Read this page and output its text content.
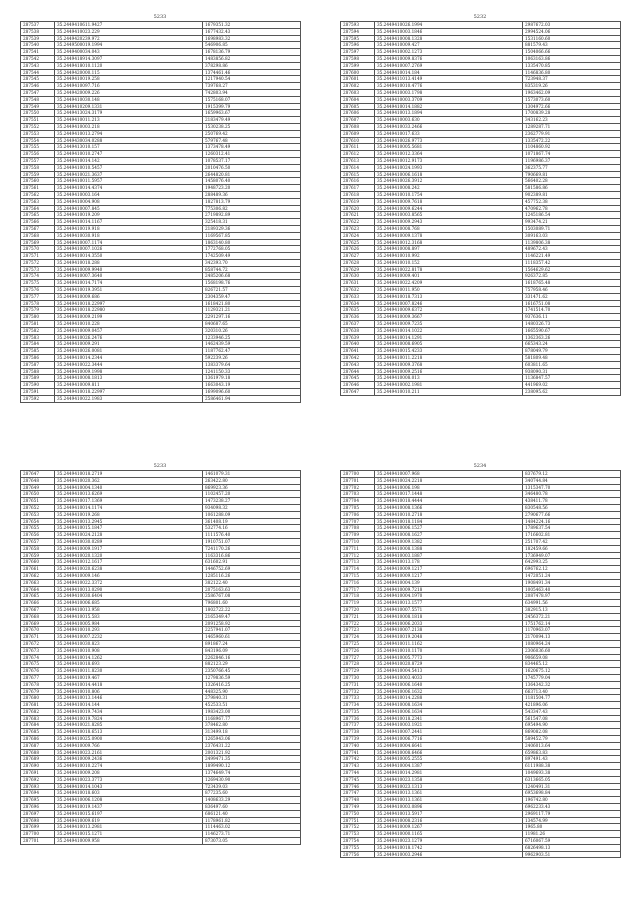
5233
287537	35.2449410611.9427	1679351.32
287538	35.2449410023.229	1677432.43
287539	35.2449420239.972	1698983.32
287540	35.2449500019.1994	546906.85
287541	35.2449400034.043	1678136.79
287542	35.2449418914.3097	1483856.82
287543	35.2449418010.1120	378298.86
287544	35.2449420000.115	1374461.46
287545	35.2449410019.258	1217940.54
287546	35.2449410097.716	739768.27
287547	35.2449420009.226	742803.94
287548	35.2449410030.148	1575168.07
287549	35.2449410209.1331	1915399.79
287550	35.2449413024.3179	1659963.67
287551	35.2449410011.213	2183479.49
287552	35.2449410003.218	1530238.25
287553	35.2449410013.2794	250769.42
287554	35.2449430034.0288	579767.48
287555	35.2449413010.157	1373478.49
287556	35.2449410010.2747	1260312.41
287557	35.2449410014.142	1078537.17
287558	35.2449410010.5457	2010476.50
287559	35.2449410021.3637	2644820.81
287560	35.2449410011.5957	1458076.40
287561	35.2449410014.4374	1948723.20
287562	35.2449410003.164	288489.36
287563	35.2449410004.908	1827813.79
287564	35.2449410007.845	775306.82
287565	35.2449410019.209	2719892.89
287566	35.2449410014.1167	325418.31
287567	35.2449410019.918	2189329.36
287568	35.2449410030.918	1169567.85
287569	35.2449410007.1174	1863140.80
287570	35.2449410007.1026	1772768.05
287571	35.2449410014.3550	1742509.49
287572	35.2449410018.288	342393.70
287573	35.2449410009.9940	858744.72
287574	35.2449410007.3640	2485206.68
287575	35.2449410014.7174	1568198.76
287576	35.2449410019.3951	826721.57
287577	35.2449410009.686	2304359.47
287578	35.2449410018.22997	1618421.80
287579	35.2449410018.22980	1129321.21
287580	35.2449410009.2199	2291297.16
287581	35.2449410010.228	840687.65
287582	35.2449410009.0457	320310.26
287583	35.2449410026.2476	1233946.25
287584	35.2449410009.291	1462439.59
287585	35.2449410026.0081	1187762.47
287586	35.2449410014.2344	592239.26
287587	35.2449410022.3444	1383379.64
287588	35.2449410009.1998	1241150.33
287589	35.2449410008.1813	1361979.18
287590	35.2449410009.811	1663043.19
287591	35.2449410018.22997	1699096.60
287592	35.2449410022.1983	2586461.94
5232
287593	35.2449410026.1994	2987672.03
287594	35.2449410003.1846	2994524.06
287595	35.2449410008.1328	1531160.60
287596	35.2449410009.427	881579.43
287597	35.2449410002.1273	1504066.66
287598	35.2449410009.8376	1063163.86
287599	35.2449410007.2769	1335470.85
287600	35.2449410014.184	1146836.80
287601	35.2449411013.4149	723948.37
287602	35.2449410010.4776	835319.26
287603	35.2449410003.1798	1963462.09
287604	35.2449410003.3709	1573073.60
287605	35.2449410014.1882	1304972.66
287606	35.2449410013.1894	1700839.28
287607	35.2449410003.630	343162.23
287608	35.2449410033.2466	1289287.71
287609	35.2449410017.633	2362779.91
287610	35.2449410026.9773	1335472.22
287611	35.2449410005.5681	1104860.92
287612	35.2449410012.3364	1071867.74
287613	35.2449410012.9173	1196986.37
287614	35.2449410024.1993	362375.77
287615	35.2449410006.1618	790669.81
287616	35.2449410026.3912	566402.28
287617	35.2449410008.242	581586.86
287618	35.2449410010.1754	902389.81
287619	35.2449410009.7618	457752.38
287620	35.2449410009.6244	470962.78
287621	35.2449410003.8565	1245186.54
287622	35.2449410009.2943	993474.21
287623	35.2449410008.768	1503089.71
287624	35.2449410009.1378	309163.03
287625	35.2449410012.3168	1139806.38
287626	35.2449410008.897	489672.43
287627	35.2449410010.992	1146221.49
287628	35.2449410010.152	1118357.42
287629	35.2449410022.8178	1564629.62
287630	35.2449410009.401	926372.85
287631	35.2449410022.4209	1618765.48
287632	35.2449410011.950	757958.46
287633	35.2449410018.7313	331471.62
287634	35.2449410007.8246	1616751.08
287635	35.2449410009.6372	1741514.70
287636	35.2449410009.3667	937636.11
287637	35.2449410009.7235	1480326.73
287638	35.2449410014.1022	1665590.67
287639	35.2449410014.1291	1362363.26
287640	35.2449410008.6905	665343.24
287641	35.2449410015.4233	878049.79
287642	35.2449410011.2218	581809.48
287643	35.2449410009.3768	603811.65
287644	35.2449410009.2516	938090.31
287645	35.2449410008.013	1136847.57
287646	35.2449410002.1981	441969.02
287647	35.2449410010.211	238095.62
5233
287647	35.2449410018.2719	1461079.31
287648	35.2449410020.362	263422.80
287649	35.2449410004.1340	869923.36
287650	35.2449410013.6269	1102457.20
287651	35.2449410017.1369	1473238.27
287652	35.2449410014.1174	934098.32
287653	35.2449410019.268	1061288.09
287654	35.2449410013.2945	361408.19
287655	35.2449410015.1847	532774.16
287656	35.2449410024.2128	1111576.40
287657	35.2449410030.0289	1910751.07
287658	35.2449410009.1917	7241170.26
287659	35.2449410020.1320	1163316.86
287660	35.2449410012.1617	631602.91
287661	35.2449410020.6238	1446752.69
287662	35.2449410009.146	1285116.26
287663	35.2449410022.3372	382122.40
287664	35.2449410013.0290	2075163.63
287665	35.2449410030.6404	2586767.08
287666	35.2449410006.685	796801.60
287667	35.2449410013.958	1802722.22
287668	35.2449410015.583	2165349.47
287669	35.2449410005.984	2091258.92
287670	35.2449410010.293	2257941.07
287671	35.2449410007.2232	1465960.61
287672	35.2449410030.823	891867.24
287673	35.2449410010.908	843196.09
287674	35.2449410014.1262	2262846.16
287675	35.2449410018.693	882123.29
287676	35.2449410011.8230	2350766.45
287677	35.2449410019.467	1279836.59
287678	35.2449410014.4418	1326416.25
287679	35.2449410010.806	448325.90
287680	35.2449410013.1446	279840.31
287681	35.2449410014.144	452533.51
287682	35.2449410019.7434	1983423.00
287683	35.2449410019.7824	1168967.77
287684	35.2449410021.8285	378462.80
287685	35.2449410018.6513	313499.18
287686	35.2449410025.0900	1265943.06
287687	35.2449410009.766	2376431.22
287688	35.2449410023.2161	2001321.92
287689	35.2449410009.2436	2499471.35
287690	35.2449410010.2274	1899490.12
287691	35.2449410009.208	1374649.74
287692	35.2449410023.3773	1269430.90
287693	35.2449410014.1043	723439.03
287694	35.2449410018.603	877235.60
287695	35.2449410006.1208	1408633.29
287696	35.2449410019.1437	836497.60
287697	35.2449410015.6197	686121.40
287698	35.2449410009.619	1178961.82
287699	35.2449410013.2981	1114463.02
287700	35.2449410015.1271	1146273.71
287701	35.2449410009.958	873073.05
5234
287700	35.2449410007.968	837679.12
287701	35.2449410024.2218	340744.84
287702	35.2449410006.198	1315347.70
287703	35.2449410017.1448	346480.78
287704	35.2449410018.4444	438411.78
287705	35.2449410008.1366	830548.56
287706	35.2449410010.2718	2790677.66
287707	35.2449410018.1184	1484224.16
287708	35.2449410006.1527	1789637.54
287709	35.2449410008.1627	1716602.81
287710	35.2449410009.1382	251707.42
287711	35.2449410008.1388	182459.66
287712	35.2449410003.1887	1736949.07
287713	35.2449410013.178	642993.25
287714	35.2449410009.1217	696762.12
287715	35.2449410009.1217	1472051.24
287716	35.2449410004.139	1908491.34
287717	35.2449410009.7218	1005463.40
287718	35.2449410004.1970	2087478.97
287719	35.2449410013.1577	634991.56
287720	35.2449410007.5571	382915.13
287721	35.2449410008.1818	2456372.21
287722	35.2449410006.2033	1751762.14
287723	35.2449410007.2138	1170963.07
287724	35.2449410019.2048	2170094.13
287725	35.2449410011.1162	1080964.24
287726	35.2449410010.1170	2306036.60
287727	35.2449410005.7773	906659.08
287728	35.2449410020.8729	834465.12
287729	35.2449410004.5413	1620675.12
287730	35.2449410003.4033	1745779.04
287731	35.2449410006.1640	1364342.32
287732	35.2449410006.1632	663713.40
287733	35.2449410014.2288	1181504.77
287734	35.2449410008.1634	421896.06
287735	35.2449410006.1634	543347.43
287736	35.2449410018.2341	561547.08
287737	35.2449410003.1921	695494.90
287738	35.2449410007.2441	869082.08
287739	35.2449410006.7716	589452.79
287740	35.2449410004.6641	2406013.64
287741	35.2449410008.6466	659863.83
287742	35.2449410005.2555	897491.43
287743	35.2449410004.1387	6111988.38
287744	35.2449410014.2981	1049693.38
287745	35.2449410023.1358	6313665.05
287746	35.2449410023.1313	1240491.31
287747	35.2449410013.1361	6953698.84
287748	35.2449410013.1361	196742.80
287749	35.2449410003.0896	6962233.43
287750	35.2449410013.5917	2969117.79
287751	35.2449410008.2316	134574.99
287752	35.2449410009.1267	1965.80
287753	35.2449410000.1165	11981.26
287754	35.2449410023.1279	6716067.59
287755	35.2449410018.1742	6826498.13
287756	35.2449410003.2946	9962903.51
